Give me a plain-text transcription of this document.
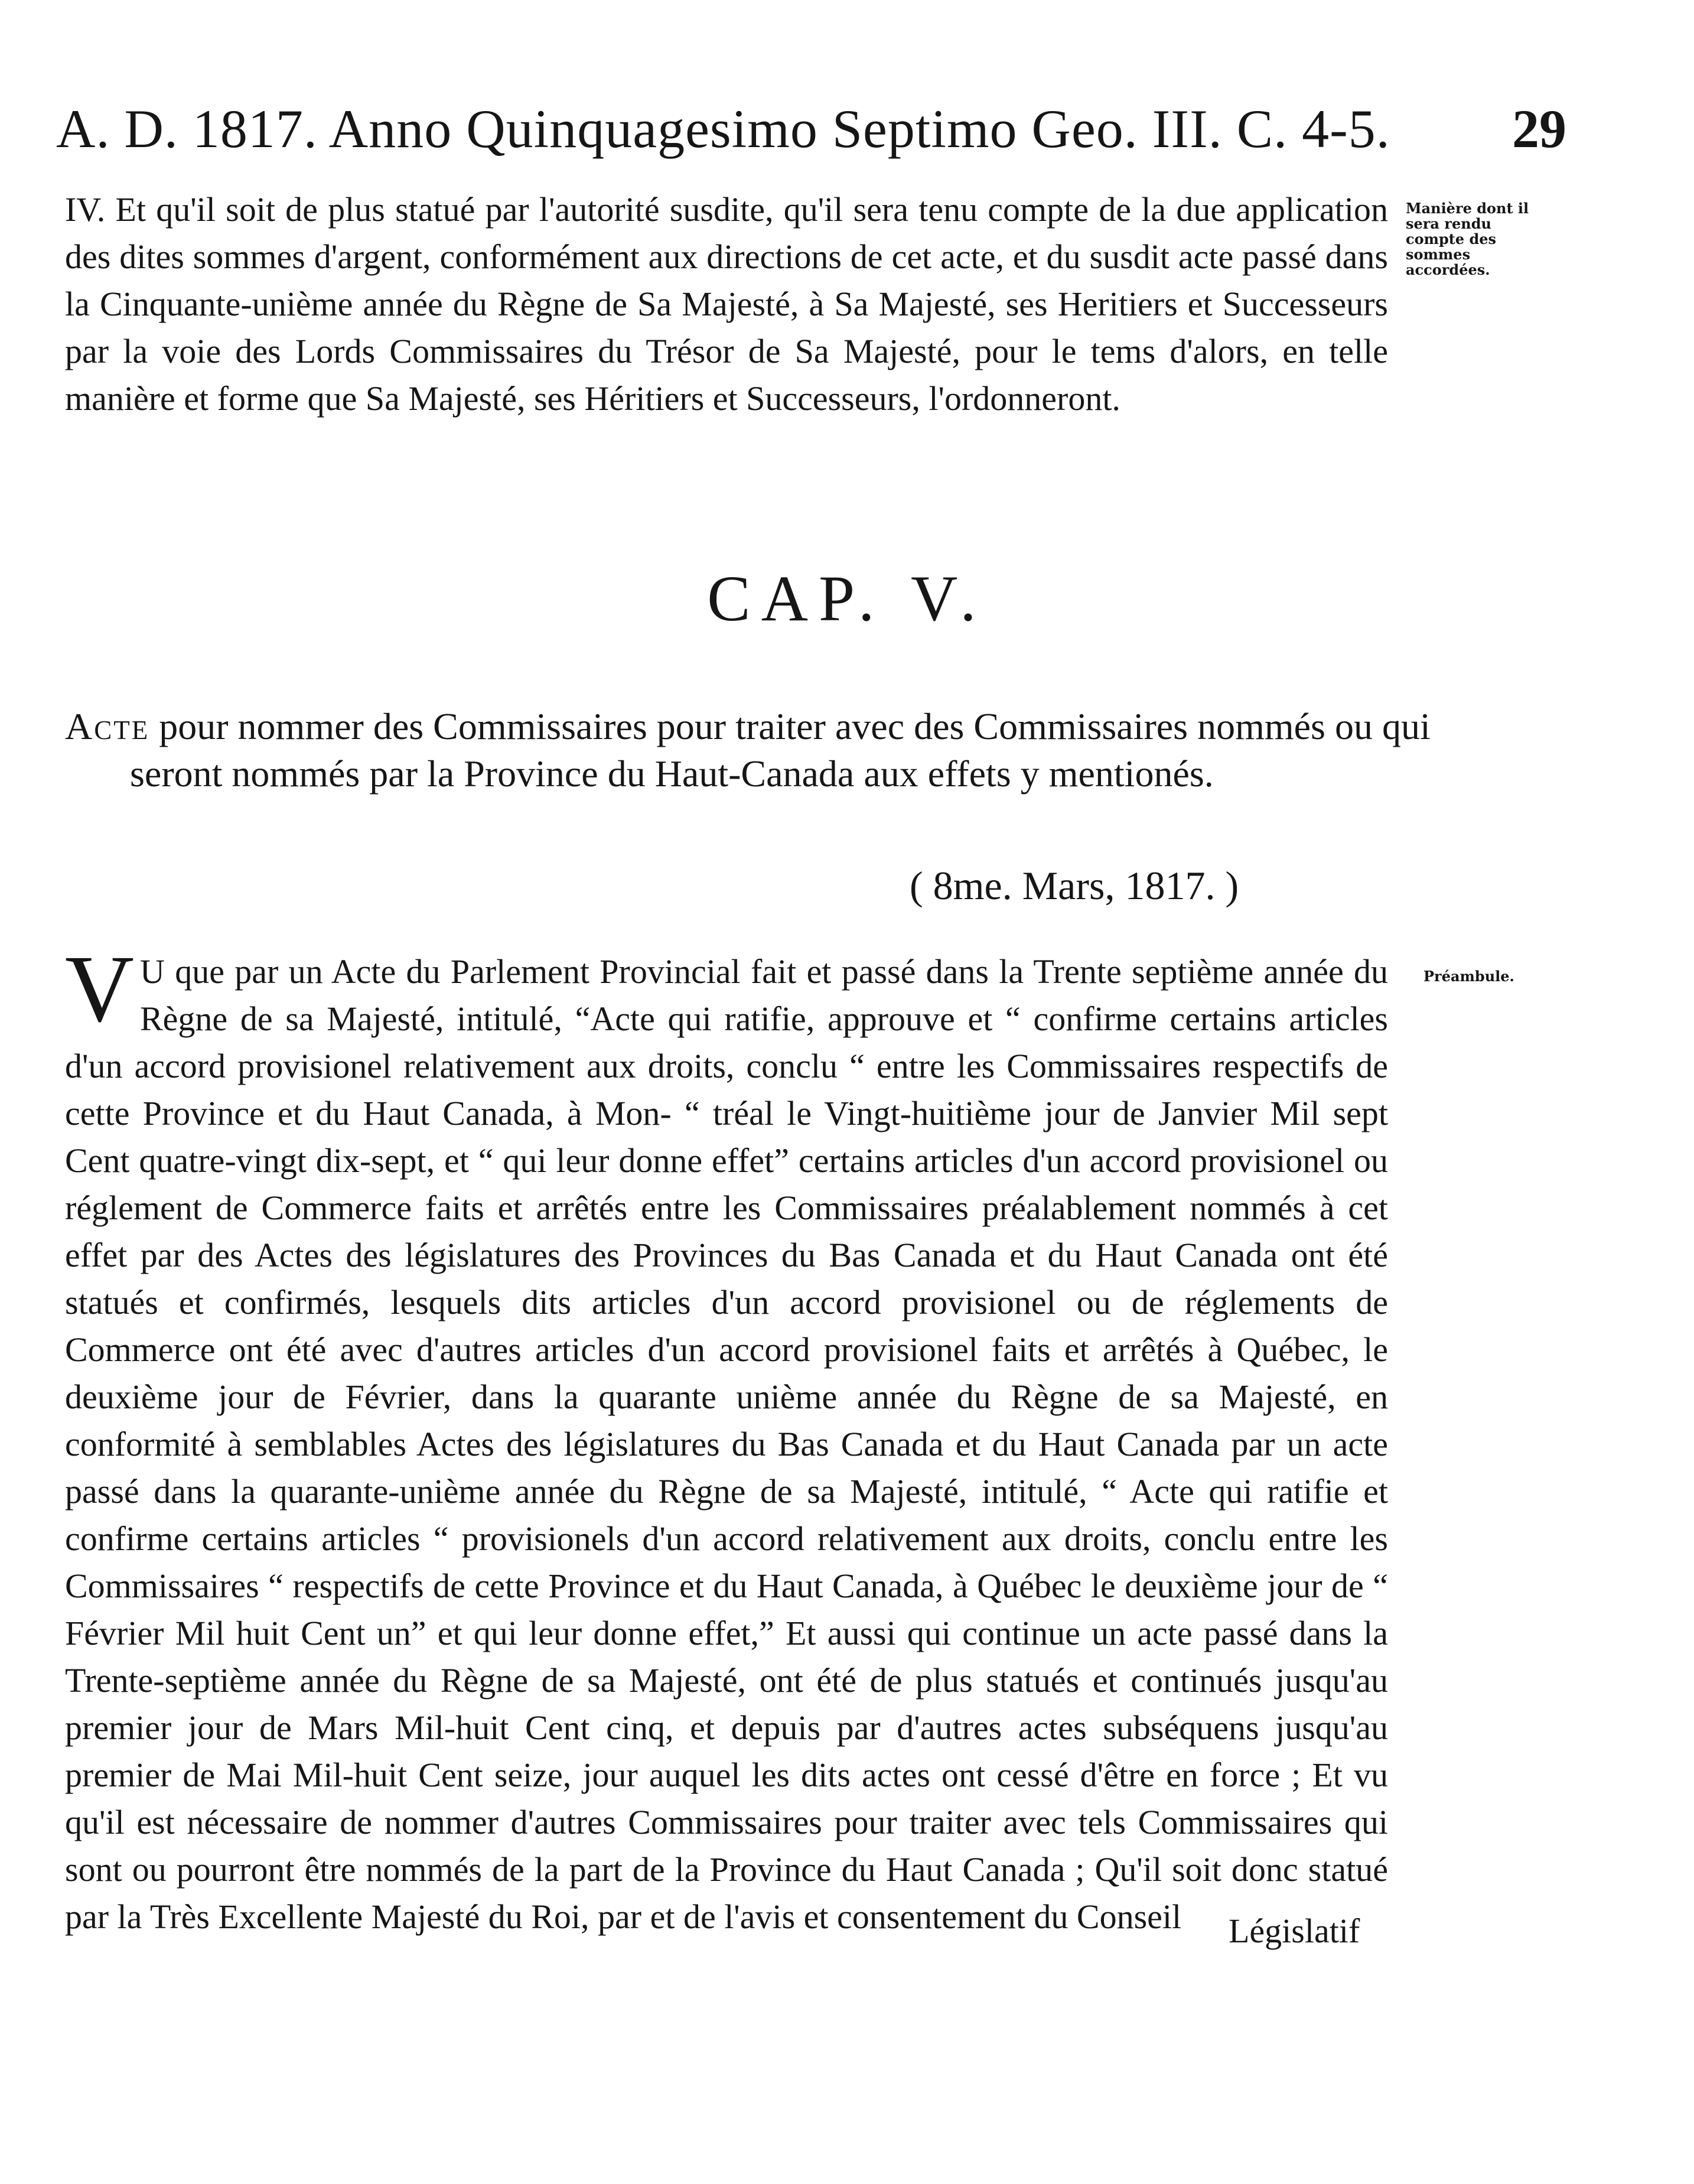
A. D. 1817. Anno Quinquagesimo Septimo Geo. III. C. 4-5. 29

IV. Et qu'il soit de plus statué par l'autorité susdite, qu'il sera tenu compte de la due application des dites sommes d'argent, conformément aux directions de cet acte, et du susdit acte passé dans la Cinquante-unième année du Règne de Sa Majesté, à Sa Majesté, ses Heritiers et Successeurs par la voie des Lords Commissaires du Trésor de Sa Majesté, pour le tems d'alors, en telle manière et forme que Sa Majesté, ses Héritiers et Successeurs, l'ordonneront.

Manière dont il sera rendu compte des sommes accordées.
CAP. V.

Acte pour nommer des Commissaires pour traiter avec des Commissaires nommés ou qui seront nommés par la Province du Haut-Canada aux effets y mentionés.

( 8me. Mars, 1817. )

V U que par un Acte du Parlement Provincial fait et passé dans la Trente septième année du Règne de sa Majesté, intitulé, “Acte qui ratifie, approuve et “ confirme certains articles d'un accord provisionel relativement aux droits, conclu “ entre les Commissaires respectifs de cette Province et du Haut Canada, à Mon- “ tréal le Vingt-huitième jour de Janvier Mil sept Cent quatre-vingt dix-sept, et “ qui leur donne effet” certains articles d'un accord provisionel ou réglement de Commerce faits et arrêtés entre les Commissaires préalablement nommés à cet effet par des Actes des législatures des Provinces du Bas Canada et du Haut Canada ont été statués et confirmés, lesquels dits articles d'un accord provisionel ou de réglements de Commerce ont été avec d'autres articles d'un accord provisionel faits et arrêtés à Québec, le deuxième jour de Février, dans la quarante unième année du Règne de sa Majesté, en conformité à semblables Actes des législatures du Bas Canada et du Haut Canada par un acte passé dans la quarante-unième année du Règne de sa Majesté, intitulé, “ Acte qui ratifie et confirme certains articles “ provisionels d'un accord relativement aux droits, conclu entre les Commissaires “ respectifs de cette Province et du Haut Canada, à Québec le deuxième jour de “ Février Mil huit Cent un” et qui leur donne effet,” Et aussi qui continue un acte passé dans la Trente-septième année du Règne de sa Majesté, ont été de plus statués et continués jusqu'au premier jour de Mars Mil-huit Cent cinq, et depuis par d'autres actes subséquens jusqu'au premier de Mai Mil-huit Cent seize, jour auquel les dits actes ont cessé d'être en force ; Et vu qu'il est nécessaire de nommer d'autres Commissaires pour traiter avec tels Commissaires qui sont ou pourront être nommés de la part de la Province du Haut Canada ; Qu'il soit donc statué par la Très Excellente Majesté du Roi, par et de l'avis et consentement du Conseil

Préambule.
Législatif
